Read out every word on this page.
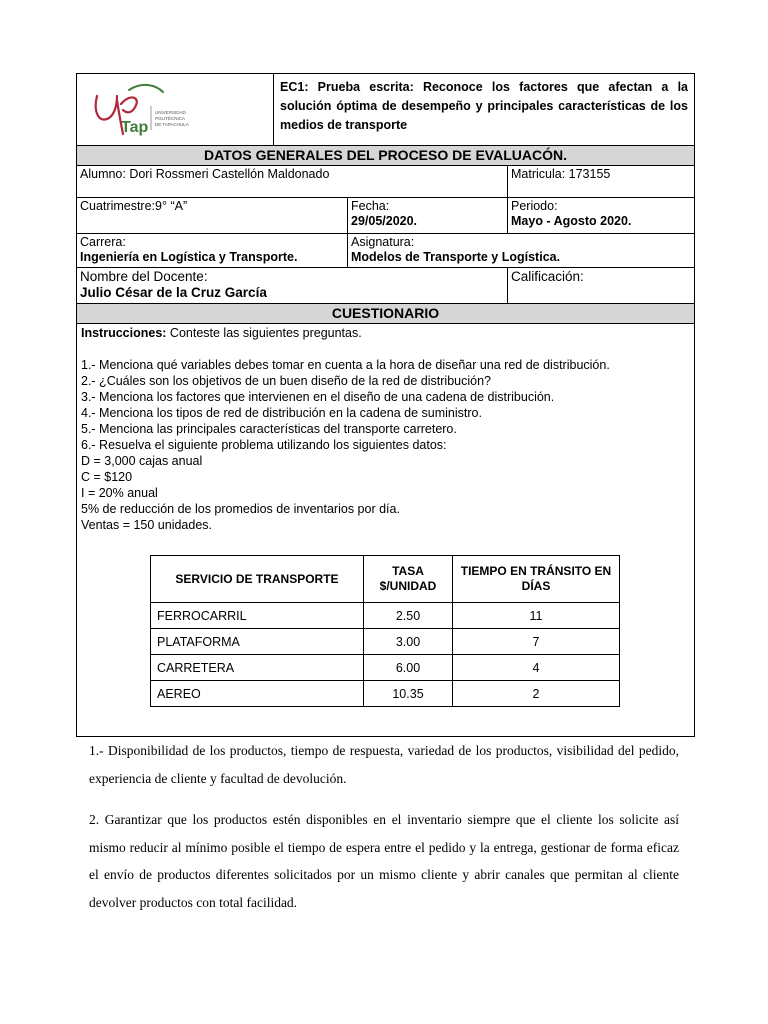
Tap
UNIVERSIDAD
POLITÉCNICA
DE TAPACHULA
EC1: Prueba escrita: Reconoce los factores que afectan a la solución óptima de desempeño y principales características de los medios de transporte
DATOS GENERALES DEL PROCESO DE EVALUACÓN.
Alumno: Dori Rossmeri Castellón Maldonado	Matricula: 173155
Cuatrimestre:9° “A”	Fecha:
29/05/2020.
Periodo:
Mayo - Agosto 2020.
Carrera:
Ingeniería en Logística y Transporte.
Asignatura:
Modelos de Transporte y Logística.
Nombre del Docente:
Julio César de la Cruz García
Calificación:
CUESTIONARIO

Instrucciones: Conteste las siguientes preguntas.

1.- Menciona qué variables debes tomar en cuenta a la hora de diseñar una red de distribución.

2.- ¿Cuáles son los objetivos de un buen diseño de la red de distribución?

3.- Menciona los factores que intervienen en el diseño de una cadena de distribución.

4.- Menciona los tipos de red de distribución en la cadena de suministro.

5.- Menciona las principales características del transporte carretero.

6.- Resuelva el siguiente problema utilizando los siguientes datos:

D = 3,000 cajas anual

C = $120

I = 20% anual

5% de reducción de los promedios de inventarios por día.

Ventas = 150 unidades.

SERVICIO DE TRANSPORTE	TASA $/UNIDAD	TIEMPO EN TRÁNSITO EN DÍAS
FERROCARRIL	2.50	11
PLATAFORMA	3.00	7
CARRETERA	6.00	4
AEREO	10.35	2

1.- Disponibilidad de los productos, tiempo de respuesta, variedad de los productos, visibilidad del pedido, experiencia de cliente y facultad de devolución.

2. Garantizar que los productos estén disponibles en el inventario siempre que el cliente los solicite así mismo reducir al mínimo posible el tiempo de espera entre el pedido y la entrega, gestionar de forma eficaz el envío de productos diferentes solicitados por un mismo cliente y abrir canales que permitan al cliente devolver productos con total facilidad.
